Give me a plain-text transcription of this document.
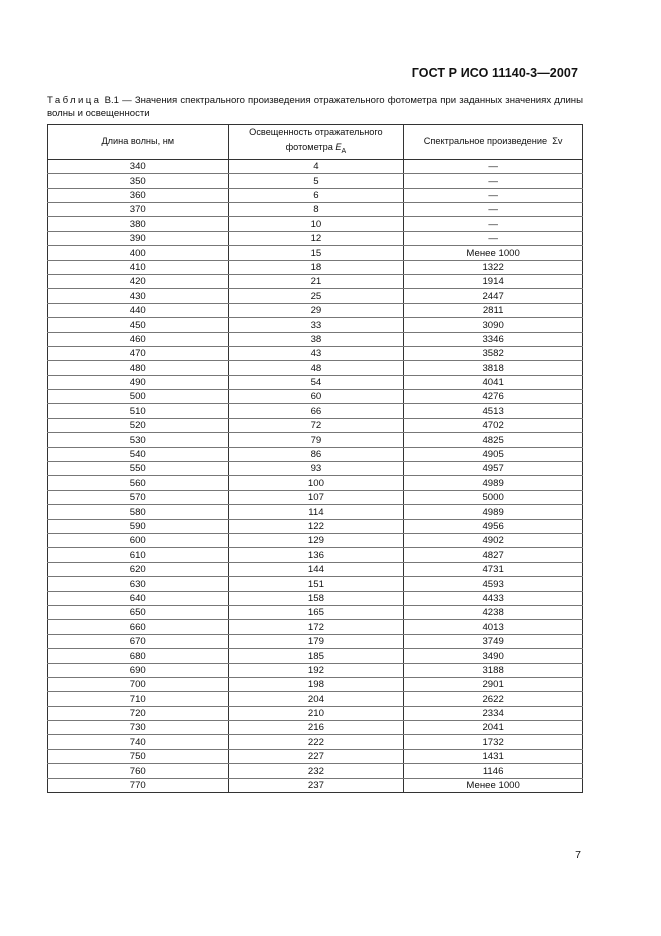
ГОСТ Р ИСО 11140-3—2007
Таблица В.1 — Значения спектрального произведения отражательного фотометра при заданных значениях длины волны и освещенности
Длина волны, нм	Освещенность отражательного фотометра $E_A$	Спектральное произведение Σv
340	4	—
350	5	—
360	6	—
370	8	—
380	10	—
390	12	—
400	15	Менее 1000
410	18	1322
420	21	1914
430	25	2447
440	29	2811
450	33	3090
460	38	3346
470	43	3582
480	48	3818
490	54	4041
500	60	4276
510	66	4513
520	72	4702
530	79	4825
540	86	4905
550	93	4957
560	100	4989
570	107	5000
580	114	4989
590	122	4956
600	129	4902
610	136	4827
620	144	4731
630	151	4593
640	158	4433
650	165	4238
660	172	4013
670	179	3749
680	185	3490
690	192	3188
700	198	2901
710	204	2622
720	210	2334
730	216	2041
740	222	1732
750	227	1431
760	232	1146
770	237	Менее 1000
7
